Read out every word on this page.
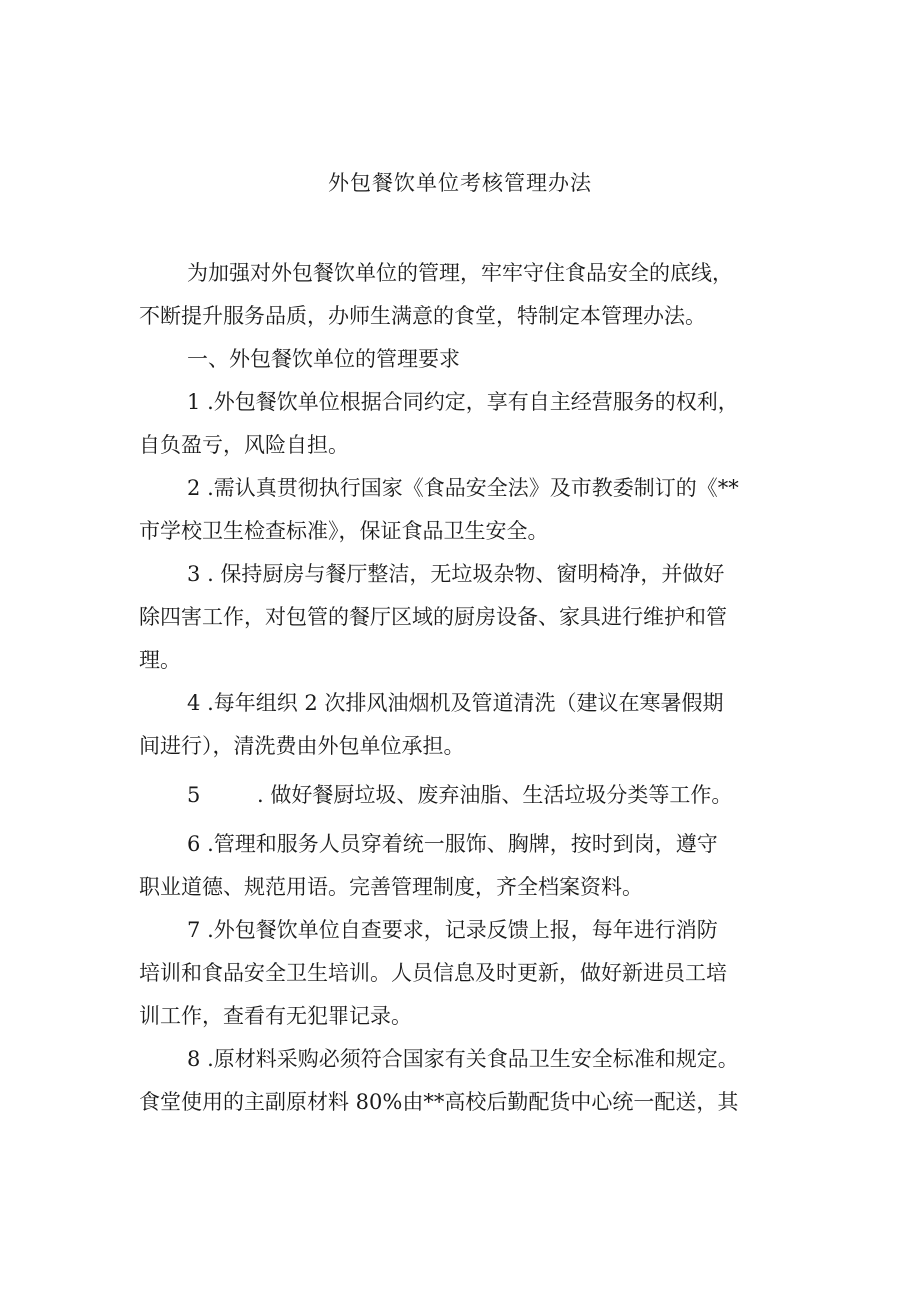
外包餐饮单位考核管理办法
为加强对外包餐饮单位的管理，牢牢守住食品安全的底线，
不断提升服务品质，办师生满意的食堂，特制定本管理办法。
一、外包餐饮单位的管理要求
1 .外包餐饮单位根据合同约定，享有自主经营服务的权利，
自负盈亏，风险自担。
2 .需认真贯彻执行国家《食品安全法》及市教委制订的《**
市学校卫生检查标准》，保证食品卫生安全。
3 . 保持厨房与餐厅整洁，无垃圾杂物、窗明椅净，并做好
除四害工作，对包管的餐厅区域的厨房设备、家具进行维护和管
理。
4 .每年组织 2 次排风油烟机及管道清洗（建议在寒暑假期
间进行），清洗费由外包单位承担。
5	. 做好餐厨垃圾、废弃油脂、生活垃圾分类等工作。
6 .管理和服务人员穿着统一服饰、胸牌，按时到岗，遵守
职业道德、规范用语。完善管理制度，齐全档案资料。
7 .外包餐饮单位自查要求，记录反馈上报，每年进行消防
培训和食品安全卫生培训。人员信息及时更新，做好新进员工培
训工作，查看有无犯罪记录。
8 .原材料采购必须符合国家有关食品卫生安全标准和规定。
食堂使用的主副原材料 80%由**高校后勤配货中心统一配送，其
